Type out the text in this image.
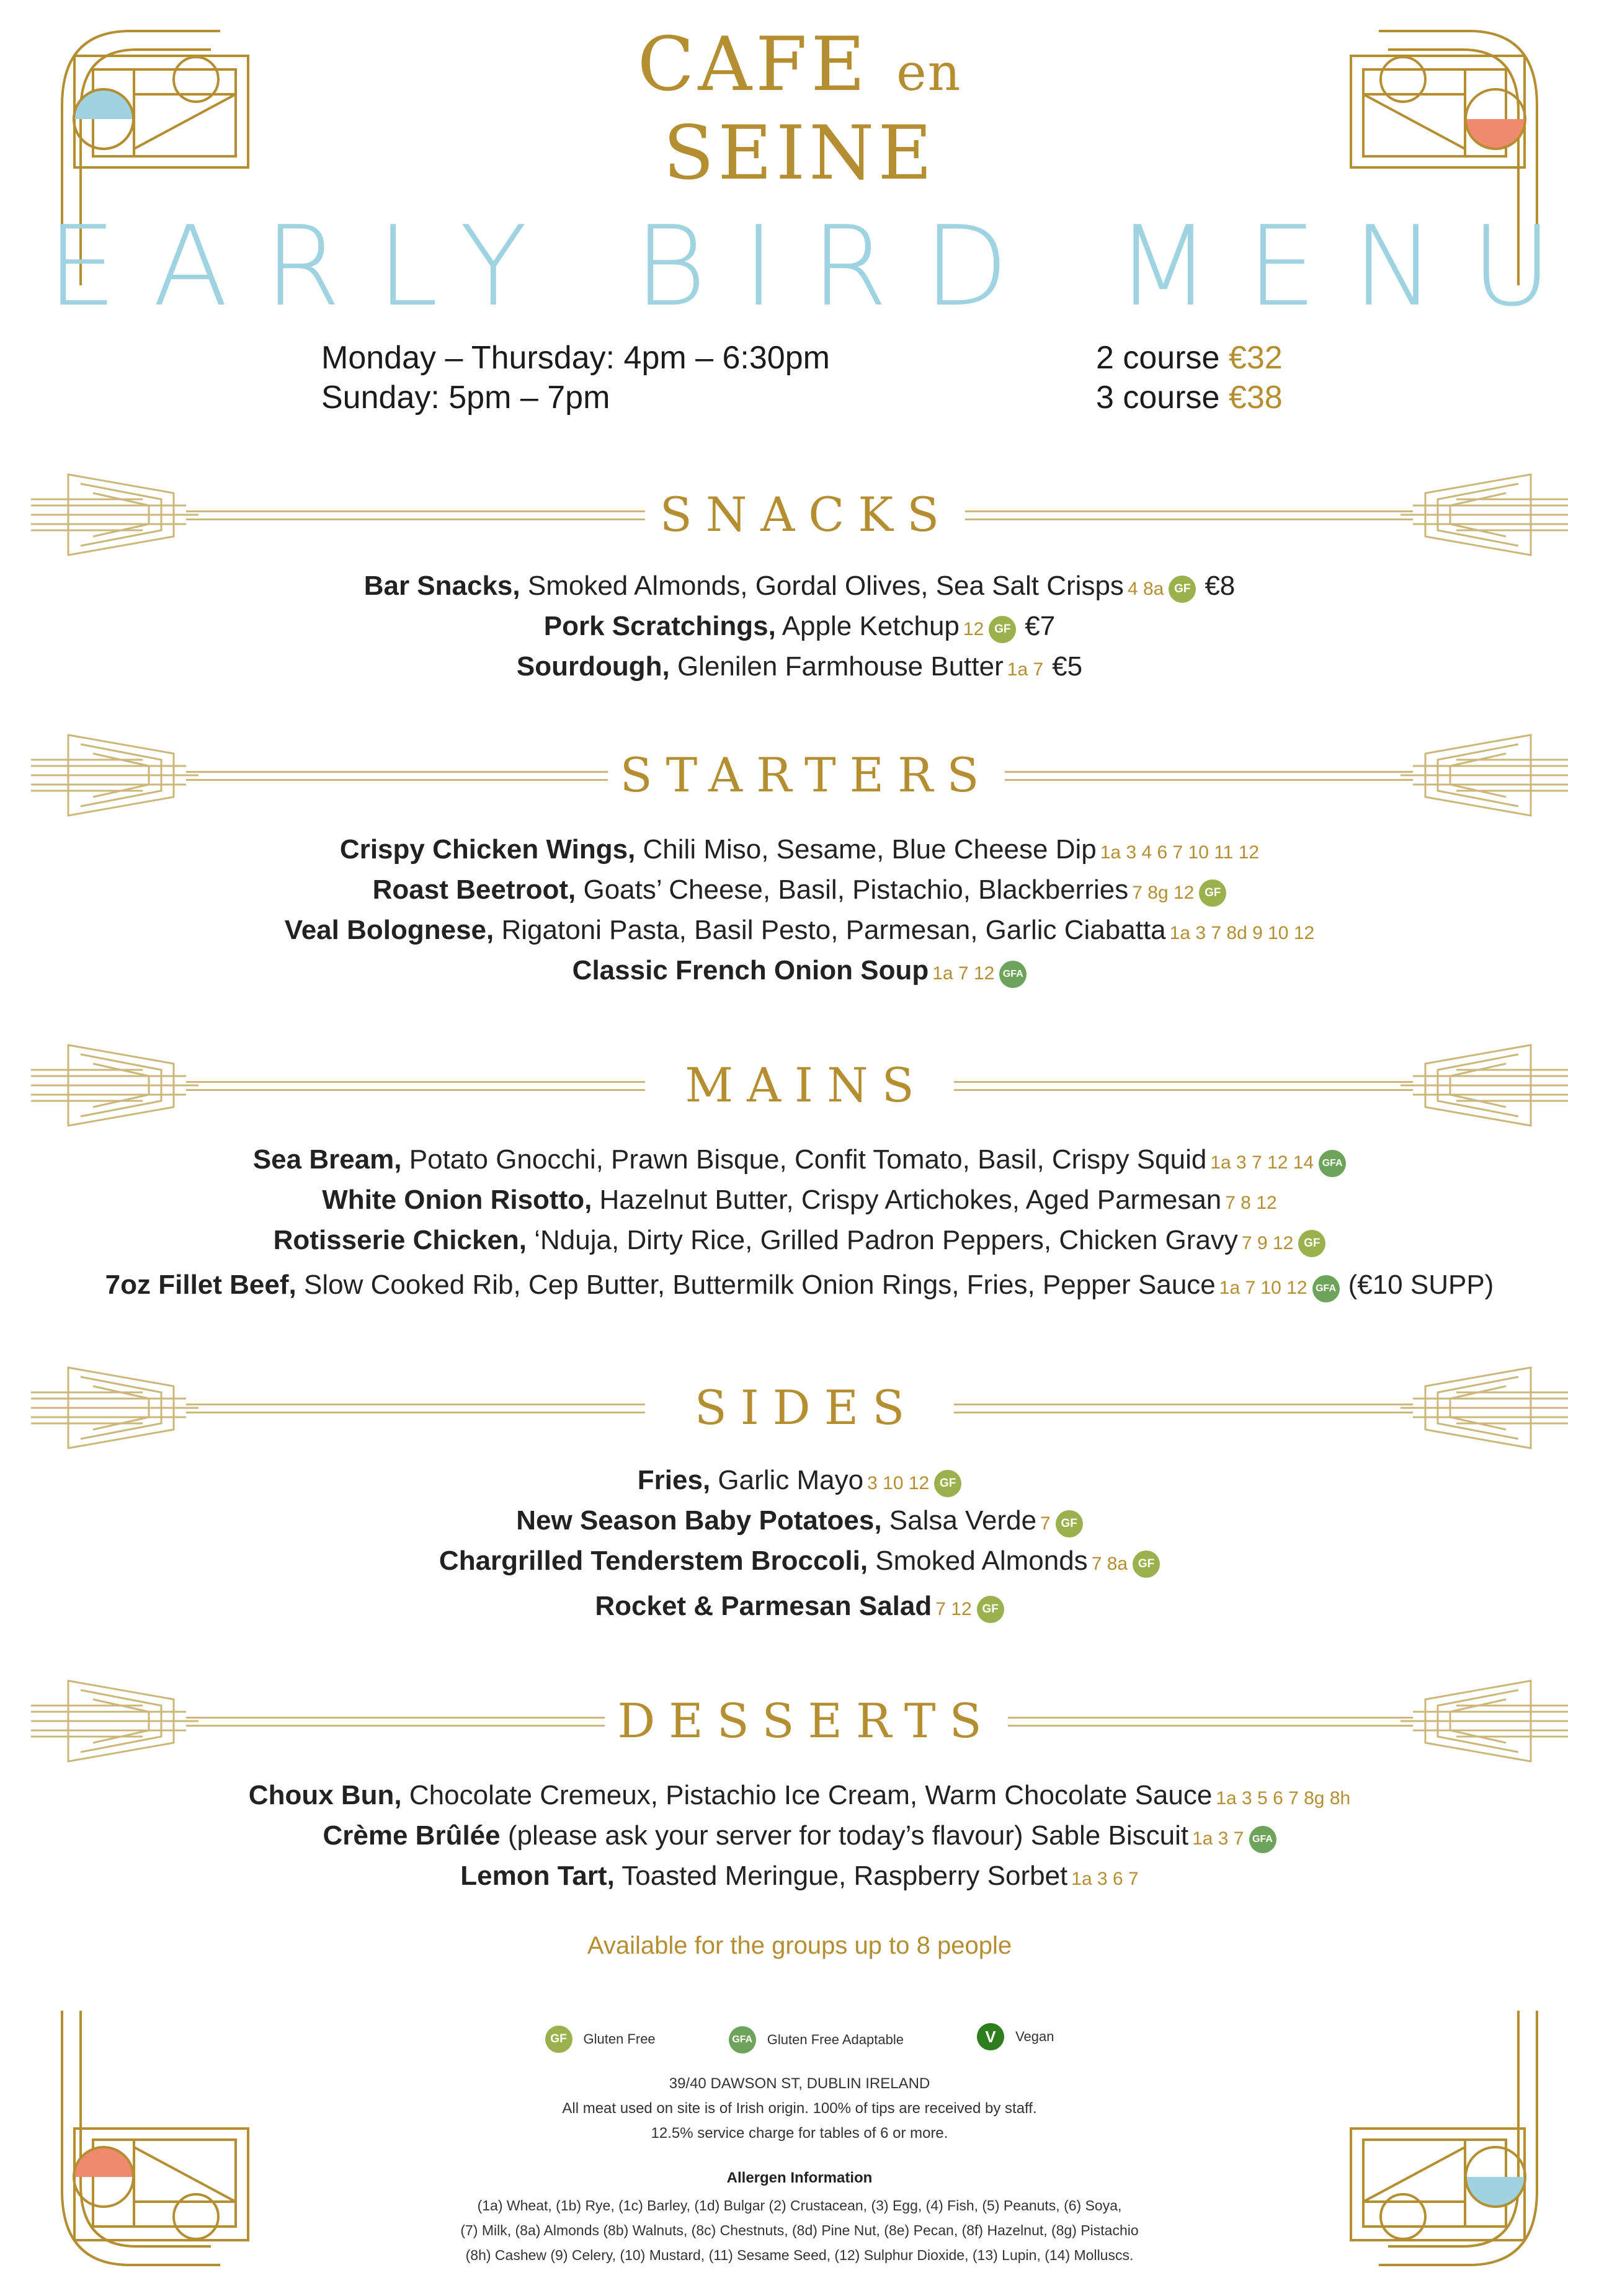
CAFE en
SEINE
EARLY BIRD MENU
Monday – Thursday: 4pm – 6:30pm
Sunday: 5pm – 7pm
2 course €32
3 course €38
SNACKS
Bar Snacks, Smoked Almonds, Gordal Olives, Sea Salt Crisps 4 8a GF €8
Pork Scratchings, Apple Ketchup 12 GF €7
Sourdough, Glenilen Farmhouse Butter 1a 7 €5
STARTERS
Crispy Chicken Wings, Chili Miso, Sesame, Blue Cheese Dip 1a 3 4 6 7 10 11 12
Roast Beetroot, Goats’ Cheese, Basil, Pistachio, Blackberries 7 8g 12 GF
Veal Bolognese, Rigatoni Pasta, Basil Pesto, Parmesan, Garlic Ciabatta 1a 3 7 8d 9 10 12
Classic French Onion Soup 1a 7 12 GFA
MAINS
Sea Bream, Potato Gnocchi, Prawn Bisque, Confit Tomato, Basil, Crispy Squid 1a 3 7 12 14 GFA
White Onion Risotto, Hazelnut Butter, Crispy Artichokes, Aged Parmesan 7 8 12
Rotisserie Chicken, ‘Nduja, Dirty Rice, Grilled Padron Peppers, Chicken Gravy 7 9 12 GF
7oz Fillet Beef, Slow Cooked Rib, Cep Butter, Buttermilk Onion Rings, Fries, Pepper Sauce 1a 7 10 12 GFA (€10 SUPP)
SIDES
Fries, Garlic Mayo 3 10 12 GF
New Season Baby Potatoes, Salsa Verde 7 GF
Chargrilled Tenderstem Broccoli, Smoked Almonds 7 8a GF
Rocket & Parmesan Salad 7 12 GF
DESSERTS
Choux Bun, Chocolate Cremeux, Pistachio Ice Cream, Warm Chocolate Sauce 1a 3 5 6 7 8g 8h
Crème Brûlée (please ask your server for today’s flavour) Sable Biscuit 1a 3 7 GFA
Lemon Tart, Toasted Meringue, Raspberry Sorbet 1a 3 6 7
Available for the groups up to 8 people
GF	Gluten Free
	GFA Gluten Free Adaptable
	V	Vegan
39/40 DAWSON ST, DUBLIN IRELAND
All meat used on site is of Irish origin. 100% of tips are received by staff.
12.5% service charge for tables of 6 or more.
Allergen Information
(1a) Wheat, (1b) Rye, (1c) Barley, (1d) Bulgar (2) Crustacean, (3) Egg, (4) Fish, (5) Peanuts, (6) Soya,
(7) Milk, (8a) Almonds (8b) Walnuts, (8c) Chestnuts, (8d) Pine Nut, (8e) Pecan, (8f) Hazelnut, (8g) Pistachio
(8h) Cashew (9) Celery, (10) Mustard, (11) Sesame Seed, (12) Sulphur Dioxide, (13) Lupin, (14) Molluscs.
